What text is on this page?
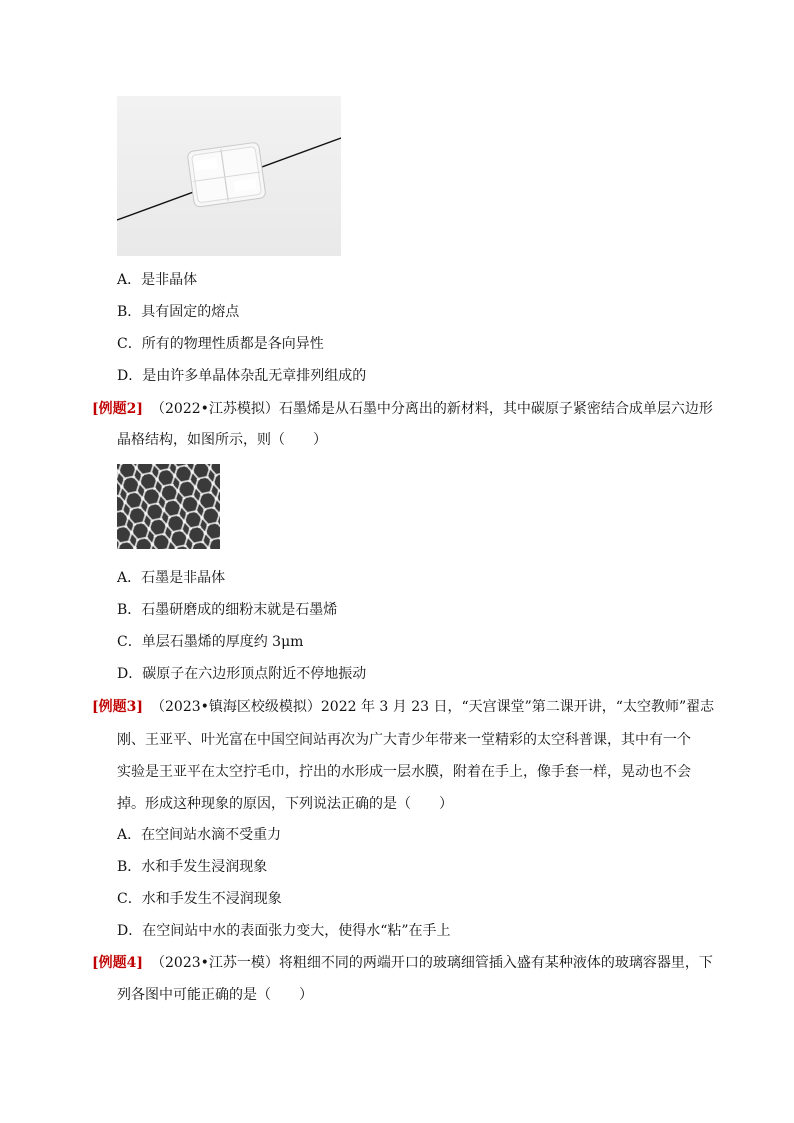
A．是非晶体
B．具有固定的熔点
C．所有的物理性质都是各向异性
D．是由许多单晶体杂乱无章排列组成的
[例题2] （2022•江苏模拟）石墨烯是从石墨中分离出的新材料，其中碳原子紧密结合成单层六边形
晶格结构，如图所示，则（　　）
A．石墨是非晶体
B．石墨研磨成的细粉末就是石墨烯
C．单层石墨烯的厚度约 3μm
D．碳原子在六边形顶点附近不停地振动
[例题3] （2023•镇海区校级模拟）2022 年 3 月 23 日，“天宫课堂”第二课开讲，“太空教师”翟志
刚、王亚平、叶光富在中国空间站再次为广大青少年带来一堂精彩的太空科普课，其中有一个
实验是王亚平在太空拧毛巾，拧出的水形成一层水膜，附着在手上，像手套一样，晃动也不会
掉。形成这种现象的原因，下列说法正确的是（　　）
A．在空间站水滴不受重力
B．水和手发生浸润现象
C．水和手发生不浸润现象
D．在空间站中水的表面张力变大，使得水“粘”在手上
[例题4] （2023•江苏一模）将粗细不同的两端开口的玻璃细管插入盛有某种液体的玻璃容器里，下
列各图中可能正确的是（　　）
